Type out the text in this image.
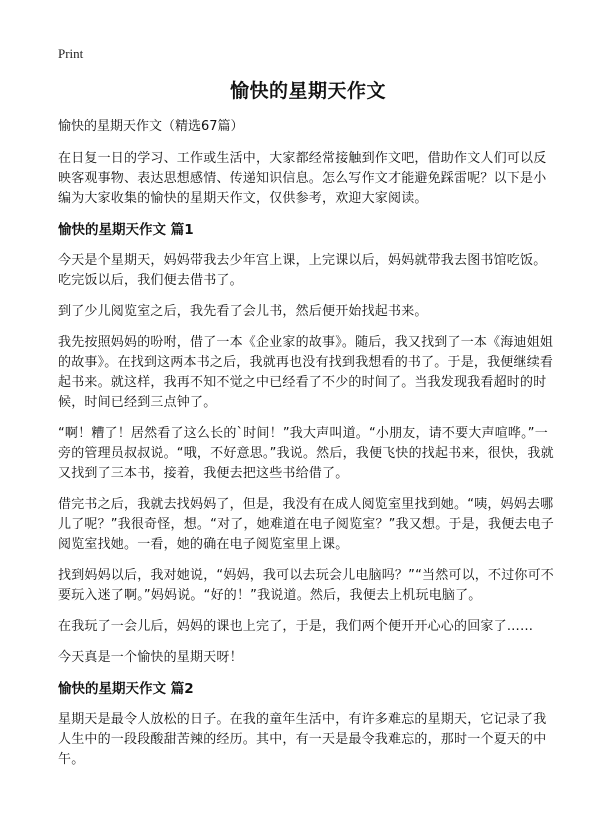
Print
愉快的星期天作文
愉快的星期天作文（精选67篇）

在日复一日的学习、工作或生活中，大家都经常接触到作文吧，借助作文人们可以反映客观事物、表达思想感情、传递知识信息。怎么写作文才能避免踩雷呢？以下是小编为大家收集的愉快的星期天作文，仅供参考，欢迎大家阅读。

愉快的星期天作文 篇1

今天是个星期天，妈妈带我去少年宫上课，上完课以后，妈妈就带我去图书馆吃饭。吃完饭以后，我们便去借书了。

到了少儿阅览室之后，我先看了会儿书，然后便开始找起书来。

我先按照妈妈的吩咐，借了一本《企业家的故事》。随后，我又找到了一本《海迪姐姐的故事》。在找到这两本书之后，我就再也没有找到我想看的书了。于是，我便继续看起书来。就这样，我再不知不觉之中已经看了不少的时间了。当我发现我看超时的时候，时间已经到三点钟了。

“啊！糟了！居然看了这么长的`时间！”我大声叫道。“小朋友，请不要大声喧哗。”一旁的管理员叔叔说。“哦，不好意思。”我说。然后，我便飞快的找起书来，很快，我就又找到了三本书，接着，我便去把这些书给借了。

借完书之后，我就去找妈妈了，但是，我没有在成人阅览室里找到她。“咦，妈妈去哪儿了呢？”我很奇怪，想。“对了，她难道在电子阅览室？”我又想。于是，我便去电子阅览室找她。一看，她的确在电子阅览室里上课。

找到妈妈以后，我对她说，“妈妈，我可以去玩会儿电脑吗？”“当然可以，不过你可不要玩入迷了啊。”妈妈说。“好的！”我说道。然后，我便去上机玩电脑了。

在我玩了一会儿后，妈妈的课也上完了，于是，我们两个便开开心心的回家了……

今天真是一个愉快的星期天呀！

愉快的星期天作文 篇2

星期天是最令人放松的日子。在我的童年生活中，有许多难忘的星期天，它记录了我人生中的一段段酸甜苦辣的经历。其中，有一天是最令我难忘的，那时一个夏天的中午。
